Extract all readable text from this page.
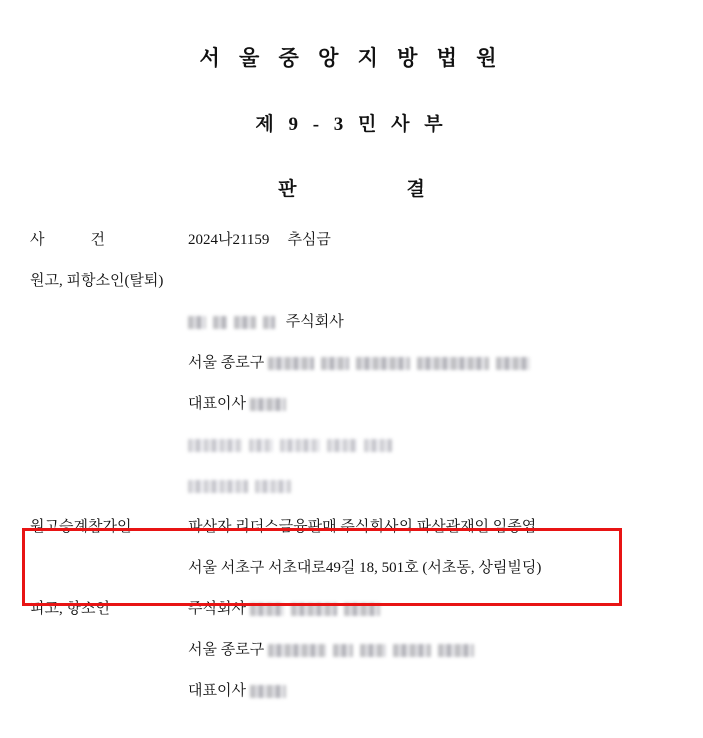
서 울 중 앙 지 방 법 원
제 9 - 3 민 사 부
판	결
사	건	2024나21159 추심금
원고, 피항소인(탈퇴)
주식회사
서울 종로구
대표이사
원고승계참가인	파산자 리더스금융판매 주식회사의 파산관재인 임종엽
서울 서초구 서초대로49길 18, 501호 (서초동, 상림빌딩)
피고, 항소인	주식회사
서울 종로구
대표이사
